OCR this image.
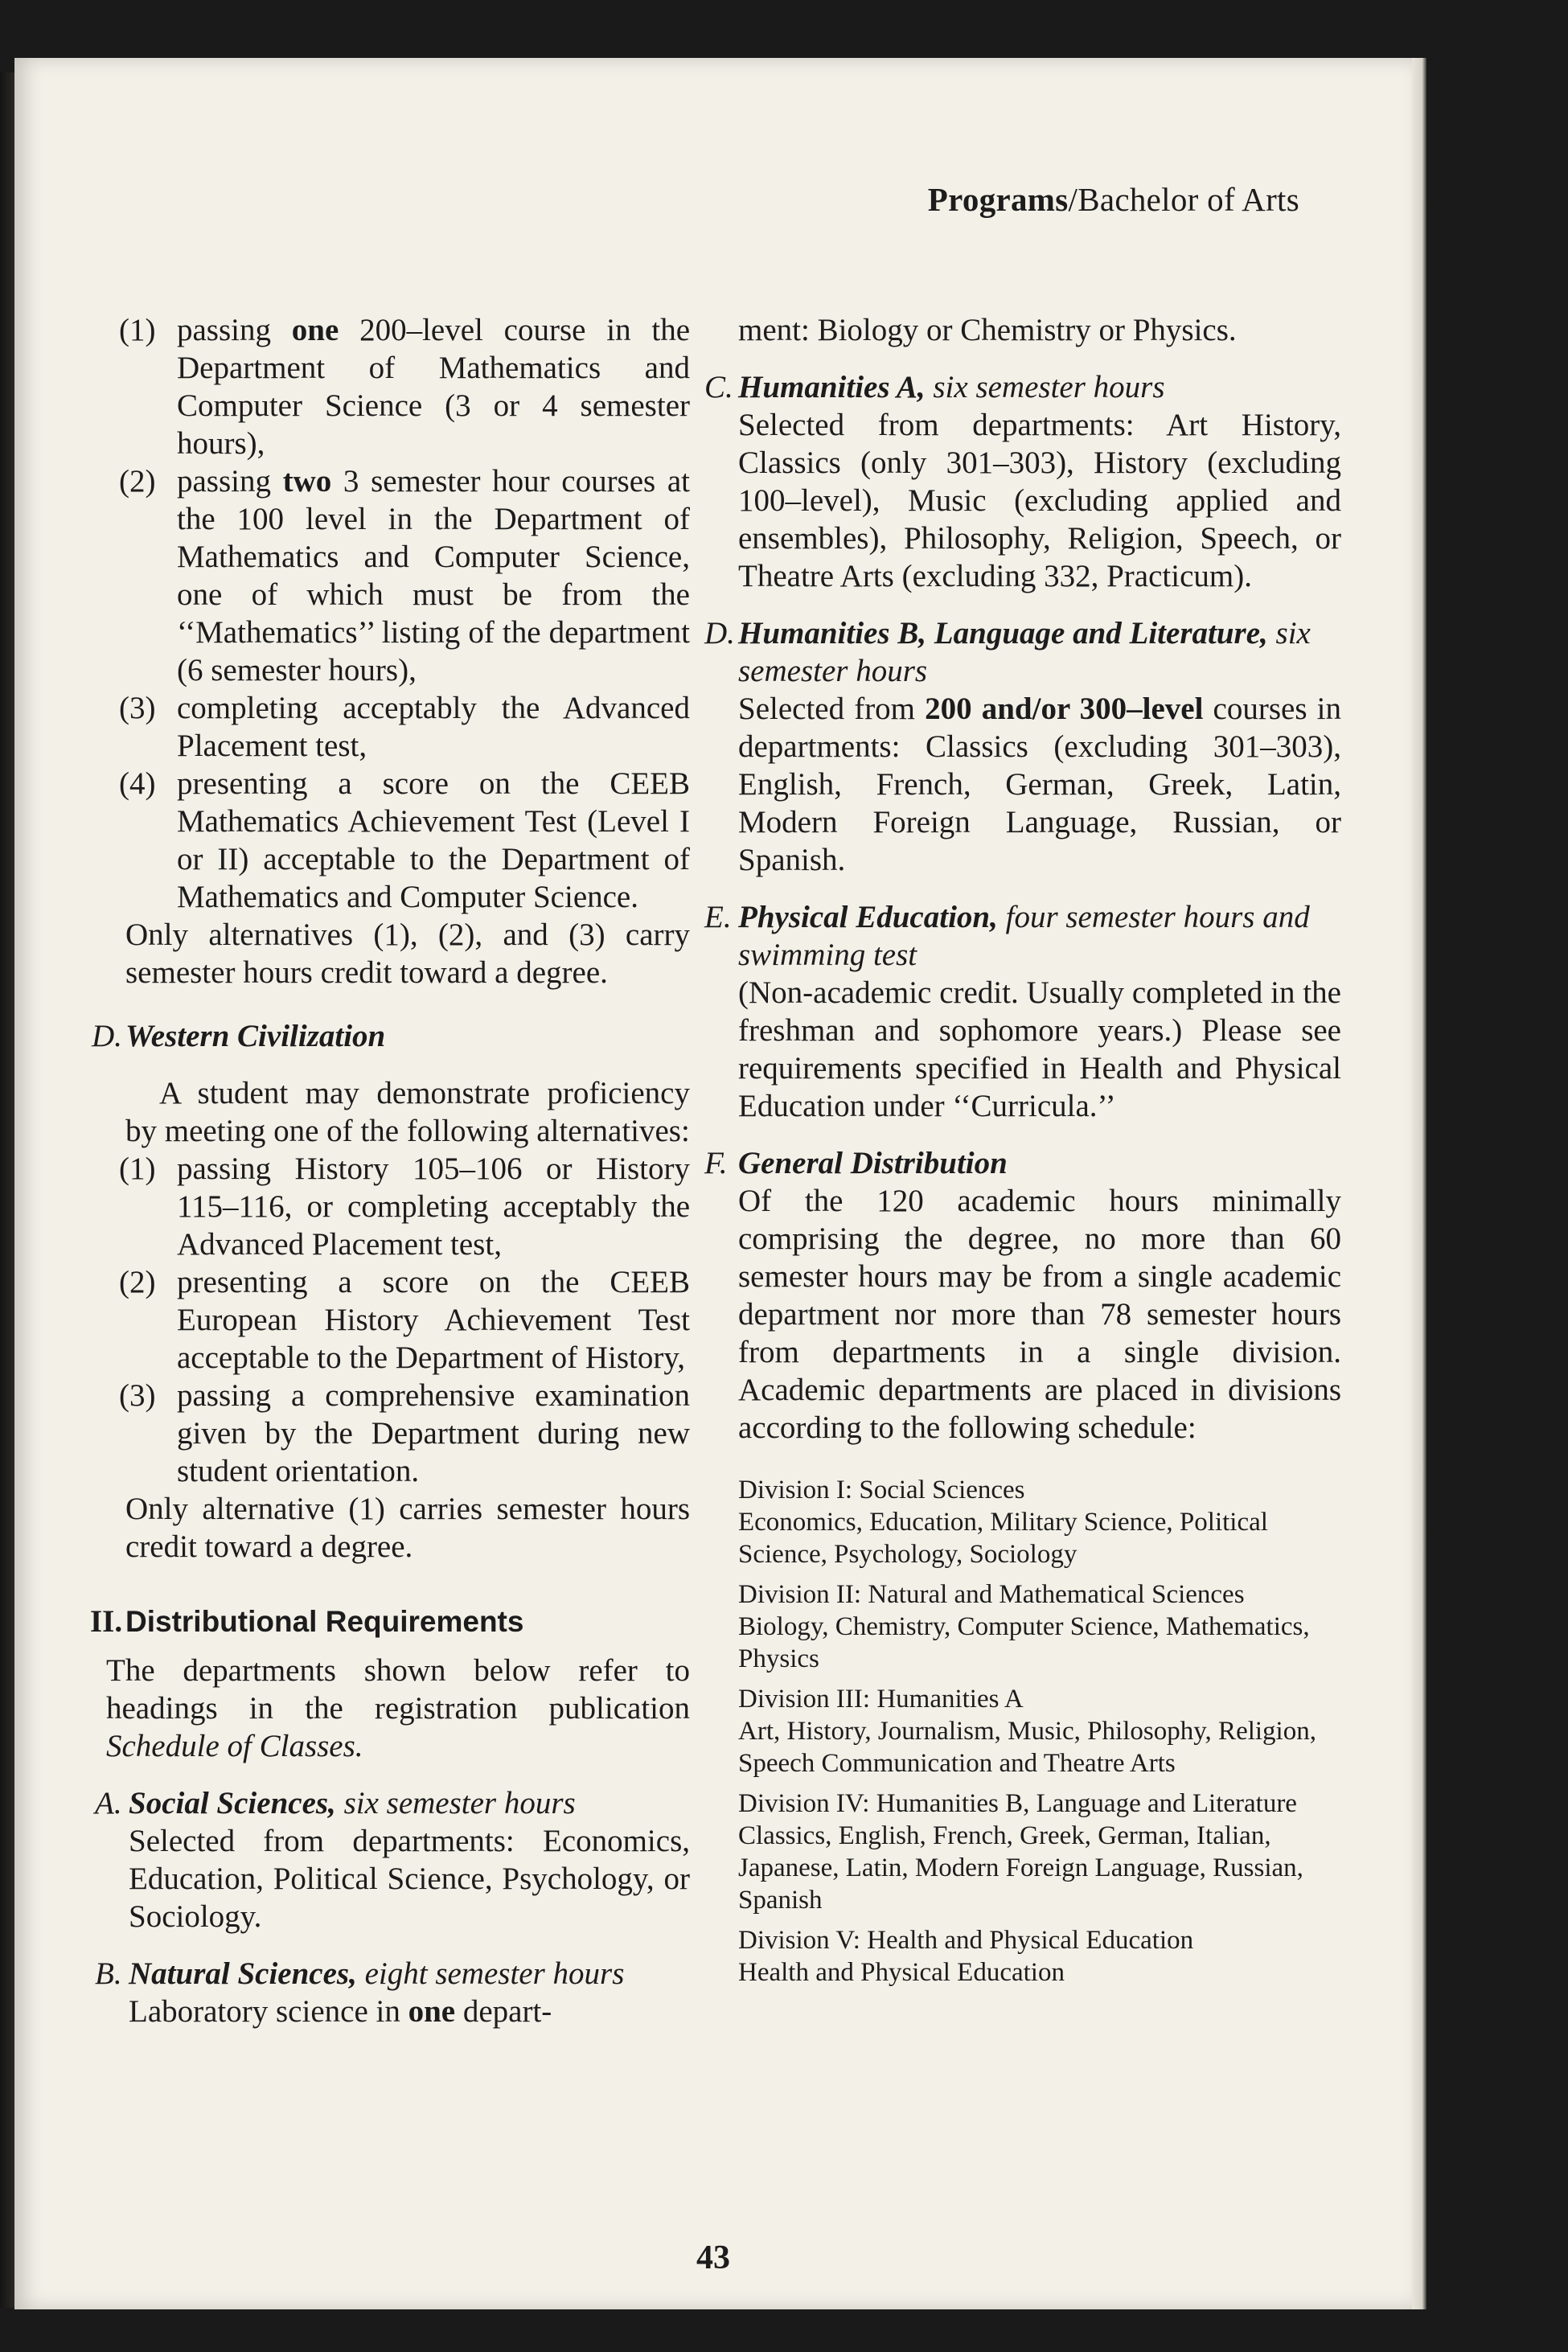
Programs/Bachelor of Arts
(1) passing one 200–level course in the Department of Mathematics and Computer Science (3 or 4 semester hours),
(2) passing two 3 semester hour courses at the 100 level in the Department of Mathematics and Computer Science, one of which must be from the ‘‘Mathematics’’ listing of the department (6 semester hours),
(3) completing acceptably the Advanced Placement test,
(4) presenting a score on the CEEB Mathematics Achievement Test (Level I or II) acceptable to the Department of Mathematics and Computer Science.

Only alternatives (1), (2), and (3) carry semester hours credit toward a degree.

D. Western Civilization

A student may demonstrate proficiency by meeting one of the following alternatives:

(1) passing History 105–106 or History 115–116, or completing acceptably the Advanced Placement test,
(2) presenting a score on the CEEB European History Achievement Test acceptable to the Department of History,
(3) passing a comprehensive examination given by the Department during new student orientation.

Only alternative (1) carries semester hours credit toward a degree.

II. Distributional Requirements

The departments shown below refer to headings in the registration publication Schedule of Classes.

A. Social Sciences, six semester hours
Selected from departments: Economics, Education, Political Science, Psychology, or Sociology.
B. Natural Sciences, eight semester hours
Laboratory science in one depart-
ment: Biology or Chemistry or Physics.
C. Humanities A, six semester hours
Selected from departments: Art History, Classics (only 301–303), History (excluding 100–level), Music (excluding applied and ensembles), Philosophy, Religion, Speech, or Theatre Arts (excluding 332, Practicum).
D. Humanities B, Language and Literature, six semester hours
Selected from 200 and/or 300–level courses in departments: Classics (excluding 301–303), English, French, German, Greek, Latin, Modern Foreign Language, Russian, or Spanish.
E. Physical Education, four semester hours and swimming test
(Non-academic credit. Usually completed in the freshman and sophomore years.) Please see requirements specified in Health and Physical Education under ‘‘Curricula.’’
F. General Distribution
Of the 120 academic hours minimally comprising the degree, no more than 60 semester hours may be from a single academic department nor more than 78 semester hours from departments in a single division. Academic departments are placed in divisions according to the following schedule:
Division I: Social Sciences
Economics, Education, Military Science, Political Science, Psychology, Sociology
Division II: Natural and Mathematical Sciences
Biology, Chemistry, Computer Science, Mathematics, Physics
Division III: Humanities A
Art, History, Journalism, Music, Philosophy, Religion, Speech Communication and Theatre Arts
Division IV: Humanities B, Language and Literature
Classics, English, French, Greek, German, Italian, Japanese, Latin, Modern Foreign Language, Russian, Spanish
Division V: Health and Physical Education
Health and Physical Education
43
